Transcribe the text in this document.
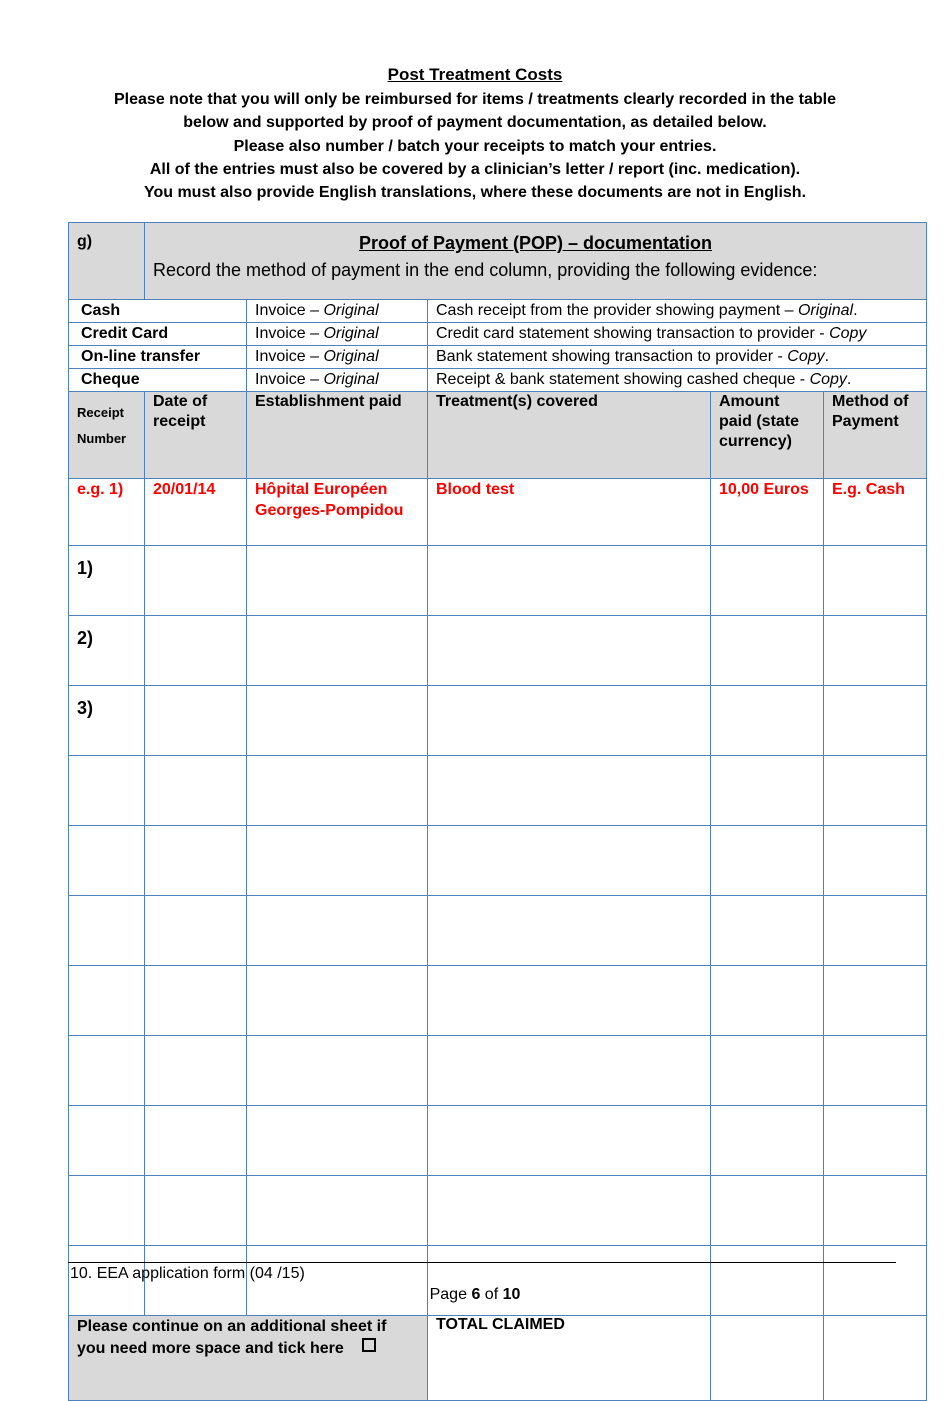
Post Treatment Costs
Please note that you will only be reimbursed for items / treatments clearly recorded in the table
below and supported by proof of payment documentation, as detailed below.
Please also number / batch your receipts to match your entries.
All of the entries must also be covered by a clinician’s letter / report (inc. medication).
You must also provide English translations, where these documents are not in English.
g)	Proof of Payment (POP) – documentation
Record the method of payment in the end column, providing the following evidence:				

Cash		Invoice – Original	Cash receipt from the provider showing payment – Original.		
Credit Card		Invoice – Original	Credit card statement showing transaction to provider - Copy		
On-line transfer		Invoice – Original	Bank statement showing transaction to provider - Copy.		
Cheque		Invoice – Original	Receipt & bank statement showing cashed cheque - Copy.		
Receipt
Number	Date of receipt	Establishment paid	Treatment(s) covered	Amount paid (state currency)	Method of Payment
e.g. 1)	20/01/14	Hôpital Européen Georges-Pompidou	Blood test	10,00 Euros	E.g. Cash
1)					
2)					
3)					

Please continue on an additional sheet if you need more space and tick here			TOTAL CLAIMED		
10. EEA application form (04 /15)
Page 6 of 10
